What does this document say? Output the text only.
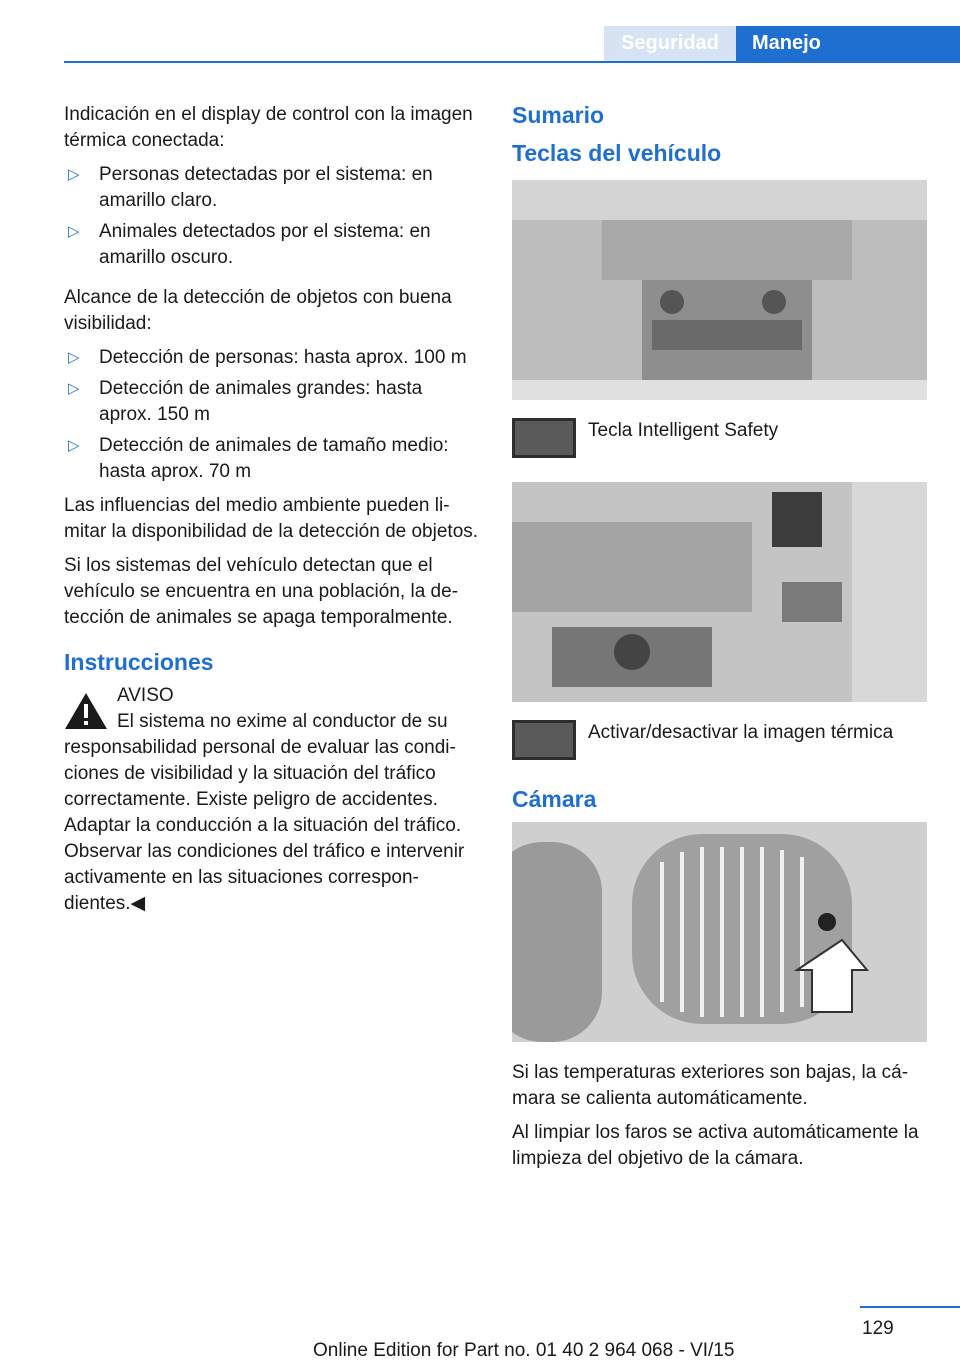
Seguridad	Manejo

Indicación en el display de control con la imagen térmica conectada:

▷ Personas detectadas por el sistema: en amarillo claro.
▷ Animales detectados por el sistema: en amarillo oscuro.

Alcance de la detección de objetos con buena visibilidad:

▷ Detección de personas: hasta aprox. 100 m
▷ Detección de animales grandes: hasta aprox. 150 m
▷ Detección de animales de tamaño medio: hasta aprox. 70 m

Las influencias del medio ambiente pueden limitar la disponibilidad de la detección de objetos.

Si los sistemas del vehículo detectan que el vehículo se encuentra en una población, la detección de animales se apaga temporalmente.

Instrucciones
AVISO
El sistema no exime al conductor de su responsabilidad personal de evaluar las condiciones de visibilidad y la situación del tráfico correctamente. Existe peligro de accidentes. Adaptar la conducción a la situación del tráfico. Observar las condiciones del tráfico e intervenir activamente en las situaciones correspondientes.◀
Sumario
Teclas del vehículo
Tecla Intelligent Safety
Activar/desactivar la imagen térmica
Cámara

Si las temperaturas exteriores son bajas, la cámara se calienta automáticamente.

Al limpiar los faros se activa automáticamente la limpieza del objetivo de la cámara.

129
Online Edition for Part no. 01 40 2 964 068 - VI/15
